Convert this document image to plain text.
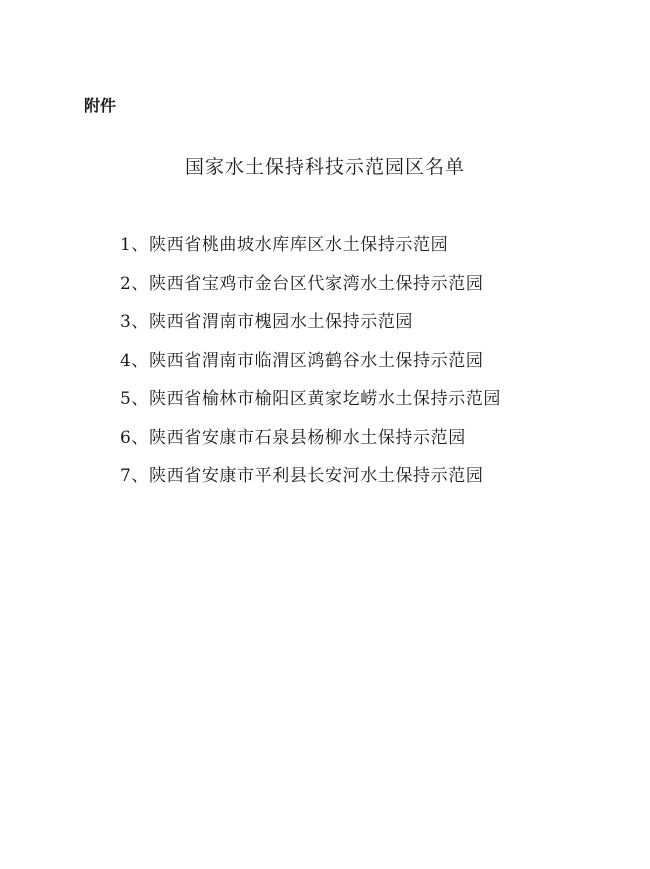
附件
国家水土保持科技示范园区名单
1、陕西省桃曲坡水库库区水土保持示范园
2、陕西省宝鸡市金台区代家湾水土保持示范园
3、陕西省渭南市槐园水土保持示范园
4、陕西省渭南市临渭区鸿鹤谷水土保持示范园
5、陕西省榆林市榆阳区黄家圪崂水土保持示范园
6、陕西省安康市石泉县杨柳水土保持示范园
7、陕西省安康市平利县长安河水土保持示范园
